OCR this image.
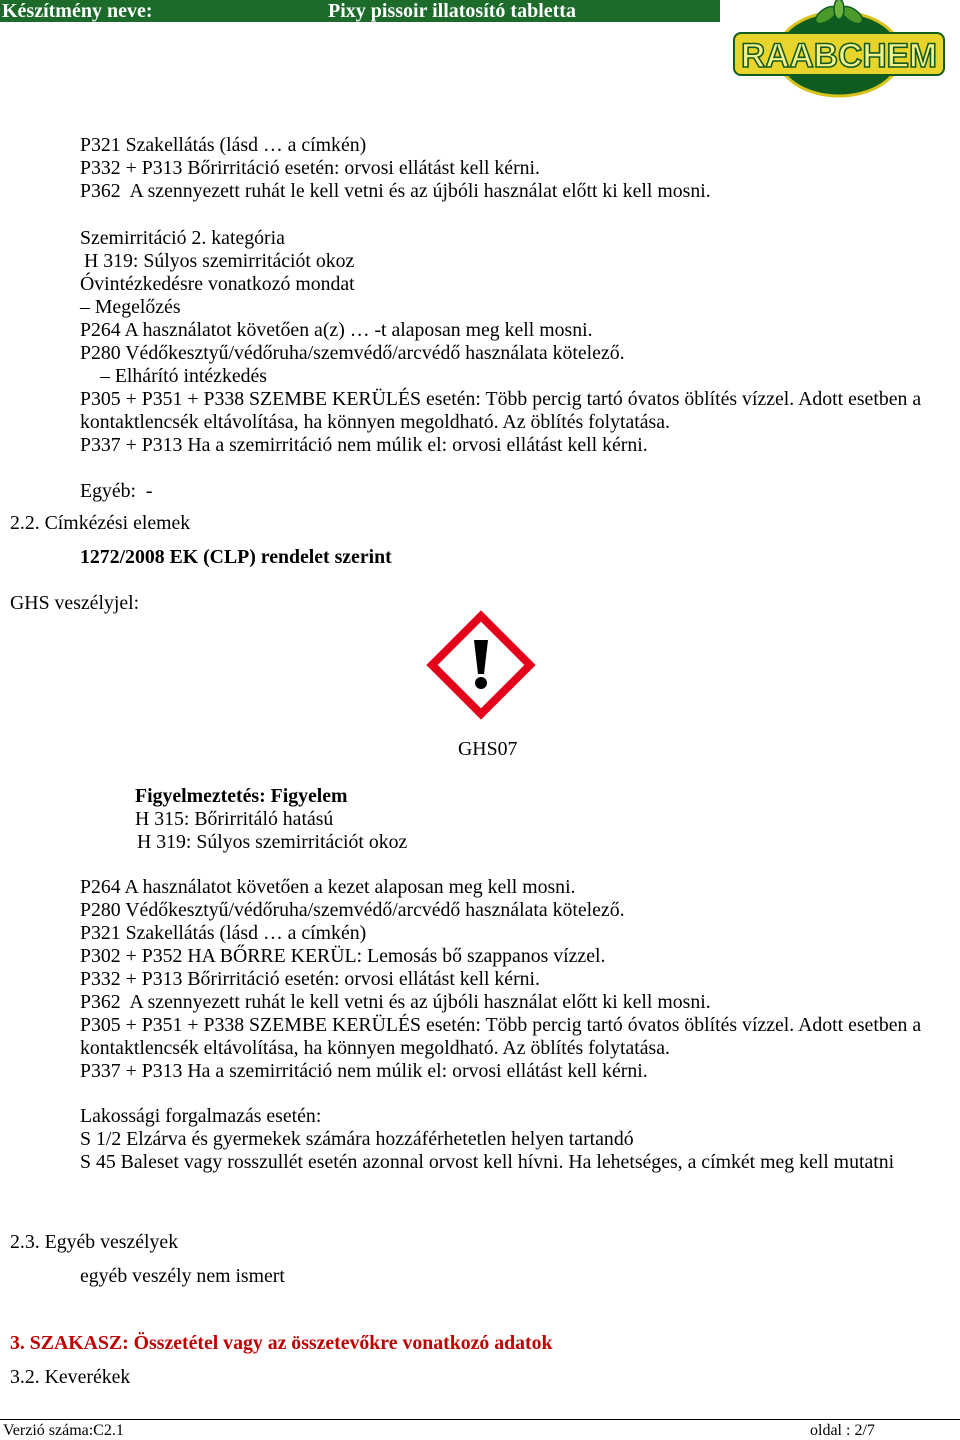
Készítmény neve:	Pixy pissoir illatosító tabletta
RAABCHEM
P321 Szakellátás (lásd … a címkén)
P332 + P313 Bőrirritáció esetén: orvosi ellátást kell kérni.
P362  A szennyezett ruhát le kell vetni és az újbóli használat előtt ki kell mosni.
Szemirritáció 2. kategória
H 319: Súlyos szemirritációt okoz
Óvintézkedésre vonatkozó mondat
– Megelőzés
P264 A használatot követően a(z) … -t alaposan meg kell mosni.
P280 Védőkesztyű/védőruha/szemvédő/arcvédő használata kötelező.
– Elhárító intézkedés
P305 + P351 + P338 SZEMBE KERÜLÉS esetén: Több percig tartó óvatos öblítés vízzel. Adott esetben a
kontaktlencsék eltávolítása, ha könnyen megoldható. Az öblítés folytatása.
P337 + P313 Ha a szemirritáció nem múlik el: orvosi ellátást kell kérni.
Egyéb:  -
2.2. Címkézési elemek
1272/2008 EK (CLP) rendelet szerint
GHS veszélyjel:
GHS07
Figyelmeztetés: Figyelem
H 315: Bőrirritáló hatású
H 319: Súlyos szemirritációt okoz
P264 A használatot követően a kezet alaposan meg kell mosni.
P280 Védőkesztyű/védőruha/szemvédő/arcvédő használata kötelező.
P321 Szakellátás (lásd … a címkén)
P302 + P352 HA BŐRRE KERÜL: Lemosás bő szappanos vízzel.
P332 + P313 Bőrirritáció esetén: orvosi ellátást kell kérni.
P362  A szennyezett ruhát le kell vetni és az újbóli használat előtt ki kell mosni.
P305 + P351 + P338 SZEMBE KERÜLÉS esetén: Több percig tartó óvatos öblítés vízzel. Adott esetben a
kontaktlencsék eltávolítása, ha könnyen megoldható. Az öblítés folytatása.
P337 + P313 Ha a szemirritáció nem múlik el: orvosi ellátást kell kérni.
Lakossági forgalmazás esetén:
S 1/2 Elzárva és gyermekek számára hozzáférhetetlen helyen tartandó
S 45 Baleset vagy rosszullét esetén azonnal orvost kell hívni. Ha lehetséges, a címkét meg kell mutatni
2.3. Egyéb veszélyek
egyéb veszély nem ismert
3. SZAKASZ: Összetétel vagy az összetevőkre vonatkozó adatok
3.2. Keverékek
Verzió száma:C2.1	oldal : 2/7
